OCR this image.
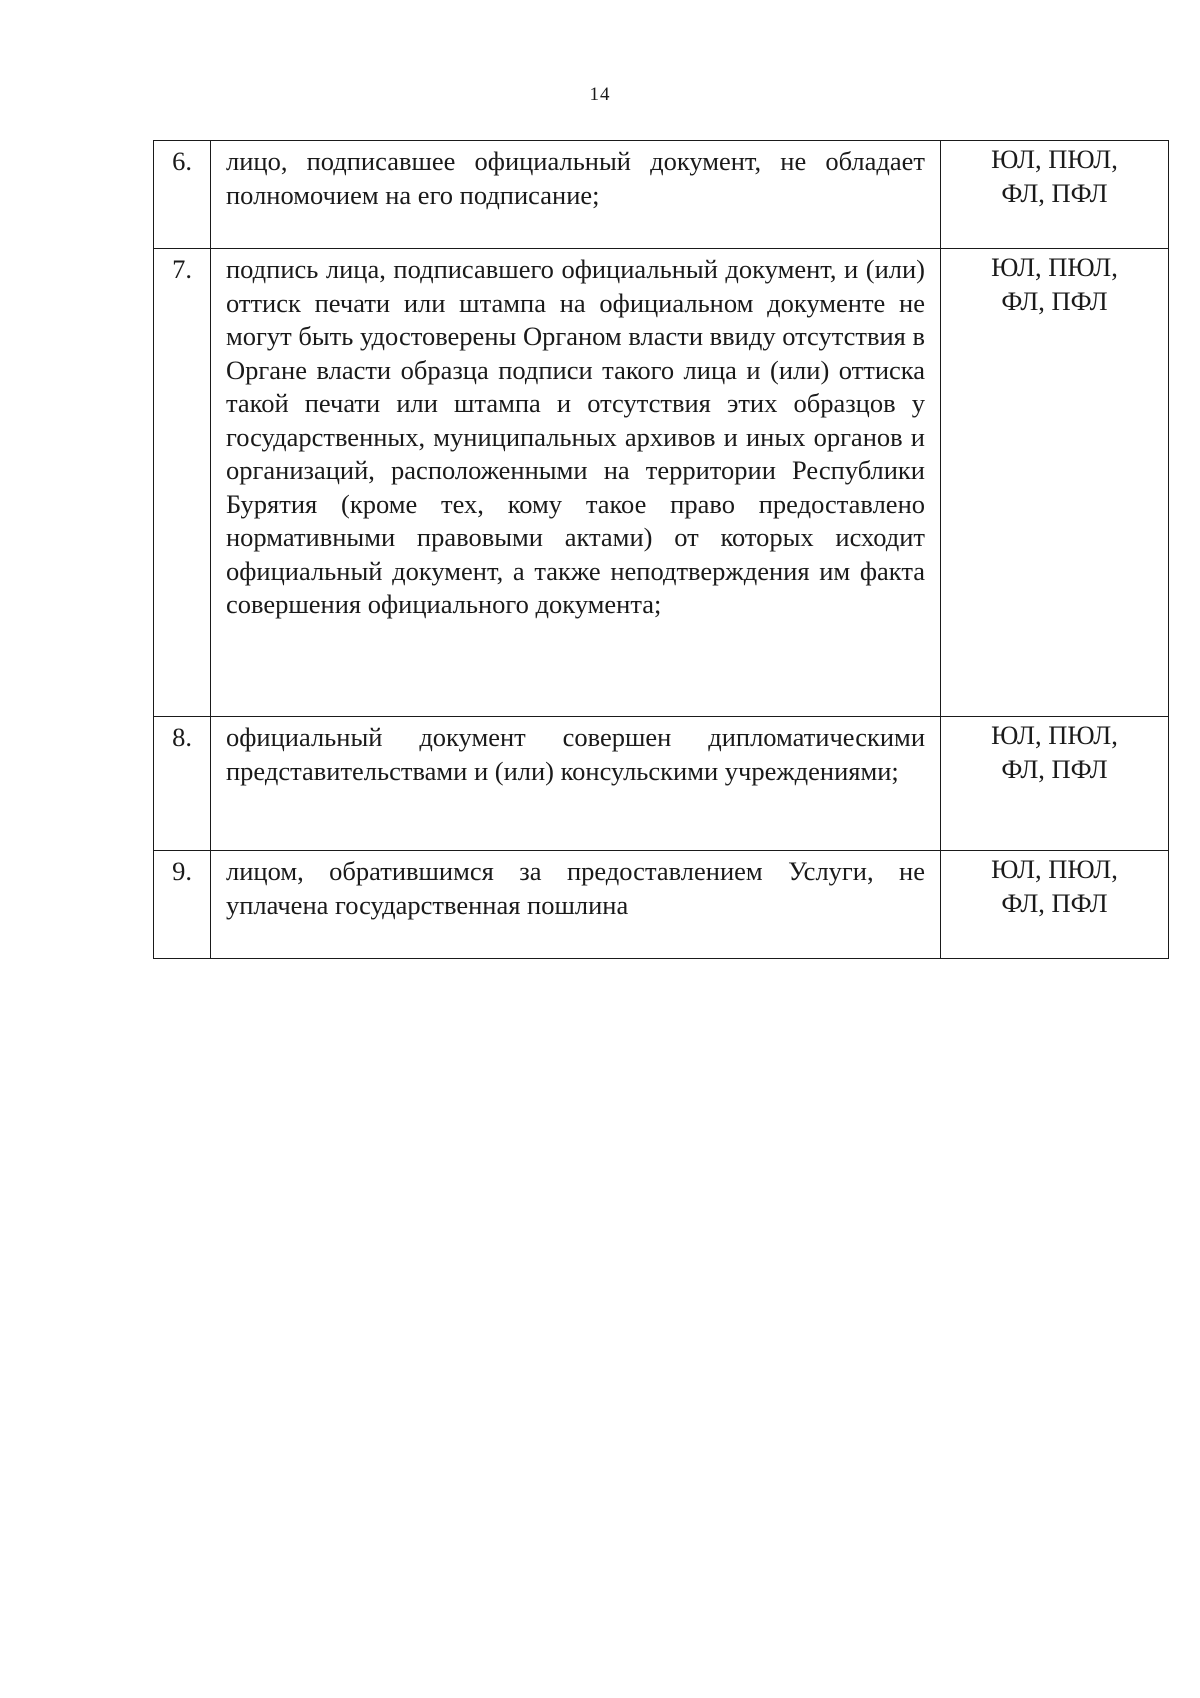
14
6.	лицо, подписавшее официальный документ, не обладает полномочием на его подписание;	ЮЛ, ПЮЛ,
ФЛ, ПФЛ

7.	подпись лица, подписавшего официальный документ, и (или) оттиск печати или штампа на официальном документе не могут быть удостоверены Органом власти ввиду отсутствия в Органе власти образца подписи такого лица и (или) оттиска такой печати или штампа и отсутствия этих образцов у государственных, муниципальных архивов и иных органов и организаций, расположенными на территории Республики Бурятия (кроме тех, кому такое право предоставлено нормативными правовыми актами) от которых исходит официальный документ, а также неподтверждения им факта совершения официального документа;	ЮЛ, ПЮЛ,
ФЛ, ПФЛ

8.	официальный документ совершен дипломатическими представительствами и (или) консульскими учреждениями;	ЮЛ, ПЮЛ,
ФЛ, ПФЛ

9.	лицом, обратившимся за предоставлением Услуги, не уплачена государственная пошлина	ЮЛ, ПЮЛ,
ФЛ, ПФЛ
